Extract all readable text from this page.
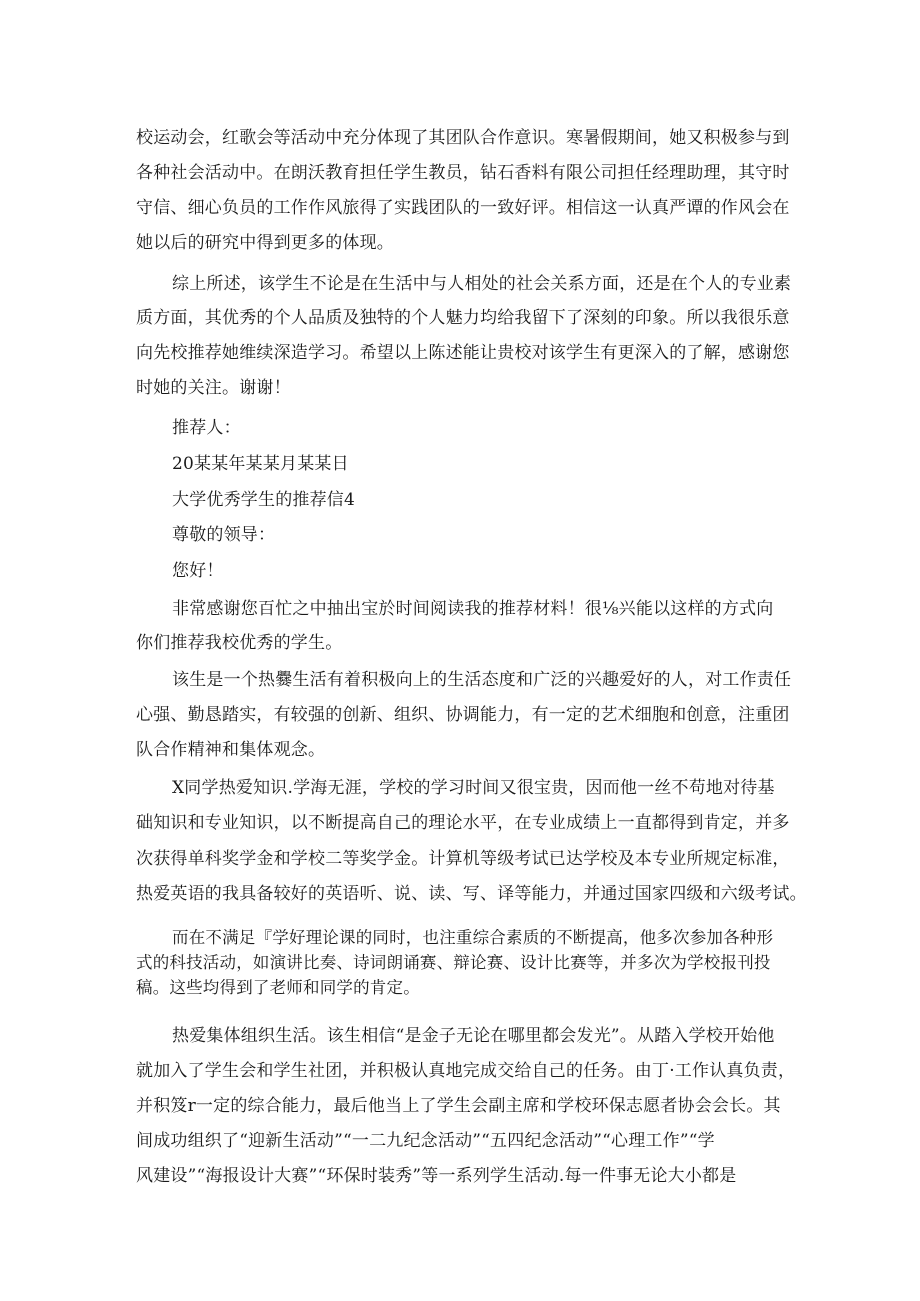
校运动会，红歌会等活动中充分体现了其团队合作意识。寒暑假期间，她又积极参与到
各种社会活动中。在朗沃教育担任学生教员，钻石香料有限公司担任经理助理，其守时
守信、细心负员的工作作风旅得了实践团队的一致好评。相信这一认真严谭的作风会在
她以后的研究中得到更多的体现。
综上所述，该学生不论是在生活中与人相处的社会关系方面，还是在个人的专业素
质方面，其优秀的个人品质及独特的个人魅力均给我留下了深刻的印象。所以我很乐意
向先校推荐她维续深造学习。希望以上陈述能让贵校对该学生有更深入的了解，感谢您
时她的关注。谢谢！
推荐人：
20某某年某某月某某日
大学优秀学生的推荐信4
尊敬的领导：
您好！
非常感谢您百忙之中抽出宝於时间阅读我的推荐材料！很⅛兴能以这样的方式向
你们推荐我校优秀的学生。
该生是一个热爨生活有着积极向上的生活态度和广泛的兴趣爱好的人，对工作责任
心强、勤恳踏实，有较强的创新、组织、协调能力，有一定的艺术细胞和创意，注重团
队合作精神和集体观念。
X同学热爱知识.学海无涯，学校的学习时间又很宝贵，因而他一丝不苟地对待基
础知识和专业知识，以不断提高自己的理论水平，在专业成绩上一直都得到肯定，并多
次获得单科奖学金和学校二等奖学金。计算机等级考试已达学校及本专业所规定标准，
热爱英语的我具备较好的英语听、说、读、写、译等能力，并通过国家四级和六级考试。
而在不满足『学好理论课的同时，也注重综合素质的不断提高，他多次参加各种形
式的科技活动，如演讲比奏、诗词朗诵赛、辩论赛、设计比赛等，并多次为学校报刊投
稿。这些均得到了老师和同学的肯定。
热爱集体组织生活。该生相信“是金子无论在哪里都会发光”。从踏入学校开始他
就加入了学生会和学生社团，并积极认真地完成交给自己的任务。由丁·工作认真负责，
并积笈r一定的综合能力，最后他当上了学生会副主席和学校环保志愿者协会会长。其
间成功组织了“迎新生活动”“一二九纪念活动”“五四纪念活动”“心理工作”“学
风建设”“海报设计大赛”“环保时装秀”等一系列学生活动.每一件事无论大小都是
